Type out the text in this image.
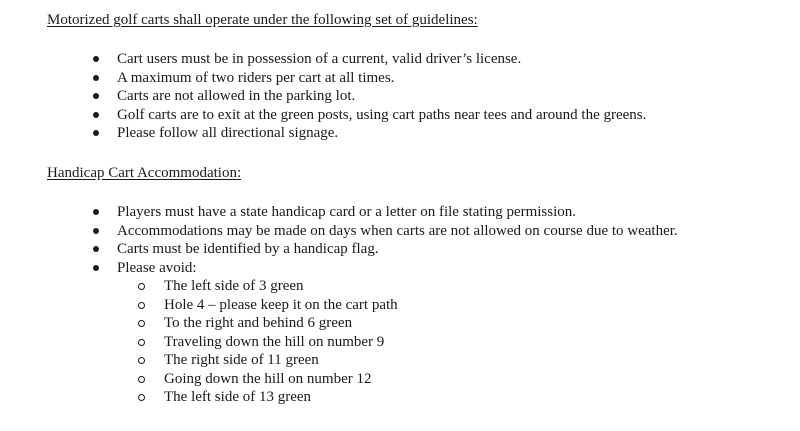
Motorized golf carts shall operate under the following set of guidelines:
Cart users must be in possession of a current, valid driver’s license.
A maximum of two riders per cart at all times.
Carts are not allowed in the parking lot.
Golf carts are to exit at the green posts, using cart paths near tees and around the greens.
Please follow all directional signage.
Handicap Cart Accommodation:
Players must have a state handicap card or a letter on file stating permission.
Accommodations may be made on days when carts are not allowed on course due to weather.
Carts must be identified by a handicap flag.
Please avoid:
The left side of 3 green
Hole 4 – please keep it on the cart path
To the right and behind 6 green
Traveling down the hill on number 9
The right side of 11 green
Going down the hill on number 12
The left side of 13 green
